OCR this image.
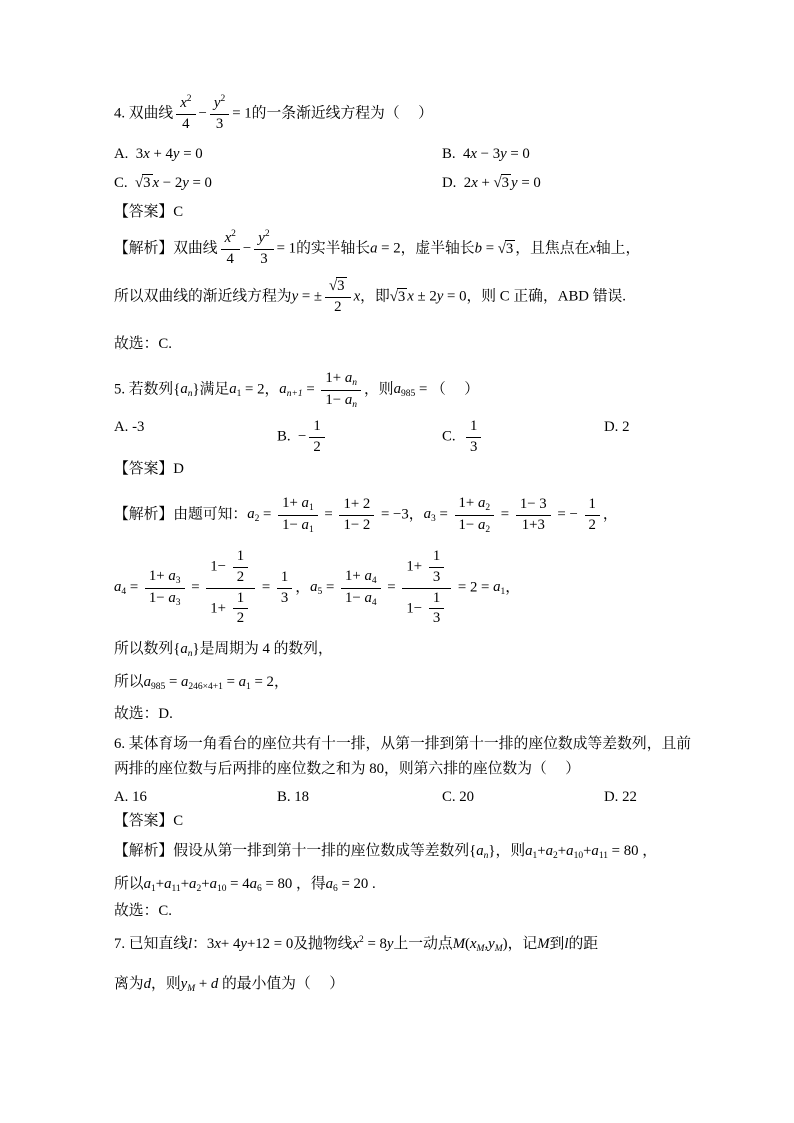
4. 双曲线 $\frac{x^2}{4} - \frac{y^2}{3} = 1$的一条渐近线方程为（     ）
A.  3x + 4y = 0	B.  4x − 3y = 0
C.  √3 x − 2y = 0	D.  2x + √3 y = 0
【答案】C
【解析】双曲线 $\frac{x^2}{4} - \frac{y^2}{3} = 1$的实半轴长a = 2，虚半轴长b = √3 ，且焦点在x轴上，
所以双曲线的渐近线方程为y = ± $\frac{√3}{2}$ x，即√3 x ± 2y = 0，则 C 正确，ABD 错误.
故选：C.
5. 若数列$\{a_n\}$满足$a_1 = 2$，$a_{n+1} = \frac{1+ a_n}{1- a_n}$ ，则$a_{985}$ = （     ）
A. -3
B.  − $\frac{1}{2}$	C. $\frac{1}{3}$	D. 2
【答案】D
【解析】由题可知：$a_2 = \frac{1+ a_1}{1- a_1} = \frac{1+ 2}{1- 2} = -3$，$a_3 = \frac{1+ a_2}{1- a_2} = \frac{1- 3}{1+3}$ = − $\frac{1}{2}$ ，
$a_4 = \frac{1+ a_3}{1- a_3} = \frac{1- \frac{1}{2}}{1+ \frac{1}{2}} = \frac{1}{3}$ ，$a_5 = \frac{1+ a_4}{1- a_4} = \frac{1+ \frac{1}{3}}{1- \frac{1}{3}} = 2 = a_1$，
所以数列$\{a_n\}$是周期为 4 的数列，
所以$a_{985} = a_{246\times 4+1} = a_1 = 2$，
故选：D.
6. 某体育场一角看台的座位共有十一排，从第一排到第十一排的座位数成等差数列，且前
两排的座位数与后两排的座位数之和为 80，则第六排的座位数为（     ）
A. 16	B. 18	C. 20	D. 22
【答案】C
【解析】假设从第一排到第十一排的座位数成等差数列$\{a_n\}$，则$a_1+a_2+a_{10}+a_{11} = 80$ ，
所以$a_1+a_{11}+a_2+a_{10} = 4a_6 = 80$ ，得$a_6 = 20$ .
故选：C.
7. 已知直线l：3x+ 4y+12 = 0及抛物线$x^2 = 8y$上一动点$M(x_M,y_M)$，记M到l的距
离为d，则$y_M + d$ 的最小值为（     ）
